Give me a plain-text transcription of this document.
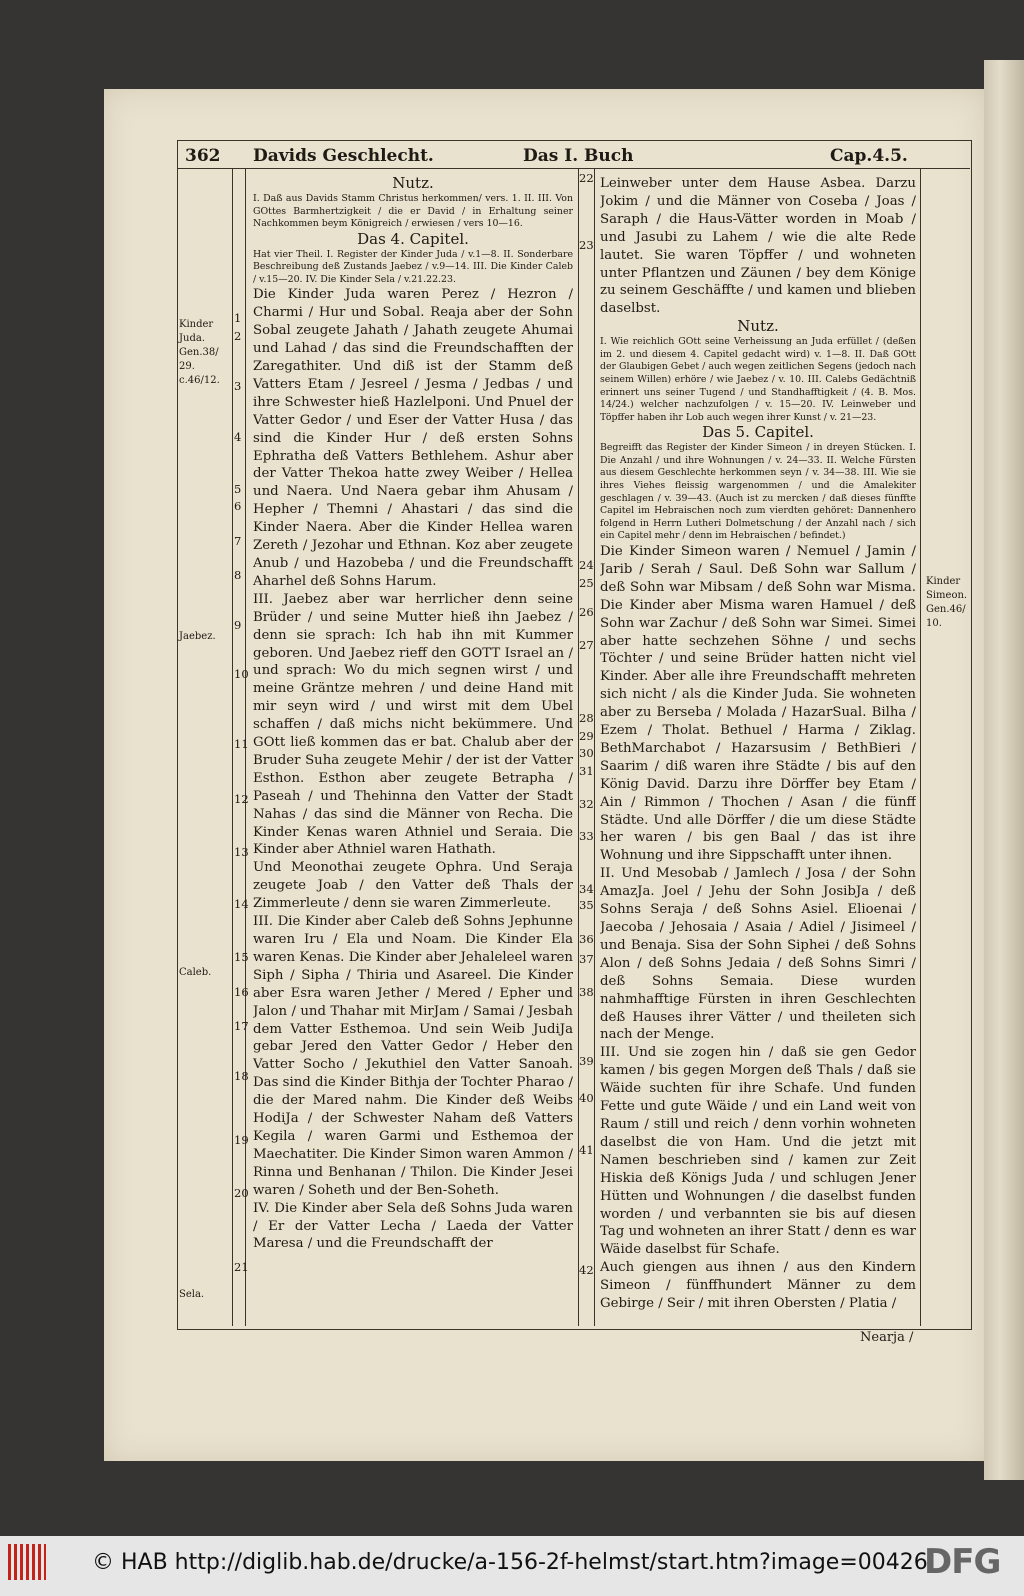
362 Davids Geschlecht.	Das I. Buch	Cap.4.5.
Kinder
Juda.
Gen.38/
29.
c.46/12.
Jaebez.
Caleb.
Sela.
Kinder
Simeon.
Gen.46/
10.
1
2
3
4
5
6
7
8
9
10
11
12
13
14
15
16
17
18
19
20
21
22
23
24
25
26
27
28
29
30
31
32
33
34
35
36
37
38
39
40
41
42

Nutz.

I. Daß aus Davids Stamm Christus herkommen/ vers. 1. II. III. Von GOttes Barmhertzigkeit / die er David / in Erhaltung seiner Nachkommen beym Königreich / erwiesen / vers 10—16.

Das 4. Capitel.

Hat vier Theil. I. Register der Kinder Juda / v.1—8. II. Sonderbare Beschreibung deß Zustands Jaebez / v.9—14. III. Die Kinder Caleb / v.15—20. IV. Die Kinder Sela / v.21.22.23.

Die Kinder Juda waren Perez / Hezron / Charmi / Hur und Sobal. Reaja aber der Sohn Sobal zeugete Jahath / Jahath zeugete Ahumai und Lahad / das sind die Freundschafften der Zaregathiter. Und diß ist der Stamm deß Vatters Etam / Jesreel / Jesma / Jedbas / und ihre Schwester hieß Hazlelponi. Und Pnuel der Vatter Gedor / und Eser der Vatter Husa / das sind die Kinder Hur / deß ersten Sohns Ephratha deß Vatters Bethlehem. Ashur aber der Vatter Thekoa hatte zwey Weiber / Hellea und Naera. Und Naera gebar ihm Ahusam / Hepher / Themni / Ahastari / das sind die Kinder Naera. Aber die Kinder Hellea waren Zereth / Jezohar und Ethnan. Koz aber zeugete Anub / und Hazobeba / und die Freundschafft Aharhel deß Sohns Harum.

III. Jaebez aber war herrlicher denn seine Brüder / und seine Mutter hieß ihn Jaebez / denn sie sprach: Ich hab ihn mit Kummer geboren. Und Jaebez rieff den GOTT Israel an / und sprach: Wo du mich segnen wirst / und meine Gräntze mehren / und deine Hand mit mir seyn wird / und wirst mit dem Ubel schaffen / daß michs nicht bekümmere. Und GOtt ließ kommen das er bat. Chalub aber der Bruder Suha zeugete Mehir / der ist der Vatter Esthon. Esthon aber zeugete Betrapha / Paseah / und Thehinna den Vatter der Stadt Nahas / das sind die Männer von Recha. Die Kinder Kenas waren Athniel und Seraia. Die Kinder aber Athniel waren Hathath.

Und Meonothai zeugete Ophra. Und Seraja zeugete Joab / den Vatter deß Thals der Zimmerleute / denn sie waren Zimmerleute.

III. Die Kinder aber Caleb deß Sohns Jephunne waren Iru / Ela und Noam. Die Kinder Ela waren Kenas. Die Kinder aber Jehaleleel waren Siph / Sipha / Thiria und Asareel. Die Kinder aber Esra waren Jether / Mered / Epher und Jalon / und Thahar mit MirJam / Samai / Jesbah dem Vatter Esthemoa. Und sein Weib JudiJa gebar Jered den Vatter Gedor / Heber den Vatter Socho / Jekuthiel den Vatter Sanoah. Das sind die Kinder Bithja der Tochter Pharao / die der Mared nahm. Die Kinder deß Weibs HodiJa / der Schwester Naham deß Vatters Kegila / waren Garmi und Esthemoa der Maechatiter. Die Kinder Simon waren Ammon / Rinna und Benhanan / Thilon. Die Kinder Jesei waren / Soheth und der Ben-Soheth.

IV. Die Kinder aber Sela deß Sohns Juda waren / Er der Vatter Lecha / Laeda der Vatter Maresa / und die Freundschafft der

Leinweber unter dem Hause Asbea. Darzu Jokim / und die Männer von Coseba / Joas / Saraph / die Haus-Vätter worden in Moab / und Jasubi zu Lahem / wie die alte Rede lautet. Sie waren Töpffer / und wohneten unter Pflantzen und Zäunen / bey dem Könige zu seinem Geschäffte / und kamen und blieben daselbst.

Nutz.

I. Wie reichlich GOtt seine Verheissung an Juda erfüllet / (deßen im 2. und diesem 4. Capitel gedacht wird) v. 1—8. II. Daß GOtt der Glaubigen Gebet / auch wegen zeitlichen Segens (jedoch nach seinem Willen) erhöre / wie Jaebez / v. 10. III. Calebs Gedächtniß erinnert uns seiner Tugend / und Standhafftigkeit / (4. B. Mos. 14/24.) welcher nachzufolgen / v. 15—20. IV. Leinweber und Töpffer haben ihr Lob auch wegen ihrer Kunst / v. 21—23.

Das 5. Capitel.

Begreifft das Register der Kinder Simeon / in dreyen Stücken. I. Die Anzahl / und ihre Wohnungen / v. 24—33. II. Welche Fürsten aus diesem Geschlechte herkommen seyn / v. 34—38. III. Wie sie ihres Viehes fleissig wargenommen / und die Amalekiter geschlagen / v. 39—43. (Auch ist zu mercken / daß dieses fünffte Capitel im Hebraischen noch zum vierdten gehöret: Dannenhero folgend in Herrn Lutheri Dolmetschung / der Anzahl nach / sich ein Capitel mehr / denn im Hebraischen / befindet.)

Die Kinder Simeon waren / Nemuel / Jamin / Jarib / Serah / Saul. Deß Sohn war Sallum / deß Sohn war Mibsam / deß Sohn war Misma. Die Kinder aber Misma waren Hamuel / deß Sohn war Zachur / deß Sohn war Simei. Simei aber hatte sechzehen Söhne / und sechs Töchter / und seine Brüder hatten nicht viel Kinder. Aber alle ihre Freundschafft mehreten sich nicht / als die Kinder Juda. Sie wohneten aber zu Berseba / Molada / HazarSual. Bilha / Ezem / Tholat. Bethuel / Harma / Ziklag. BethMarchabot / Hazarsusim / BethBieri / Saarim / diß waren ihre Städte / bis auf den König David. Darzu ihre Dörffer bey Etam / Ain / Rimmon / Thochen / Asan / die fünff Städte. Und alle Dörffer / die um diese Städte her waren / bis gen Baal / das ist ihre Wohnung und ihre Sippschafft unter ihnen.

II. Und Mesobab / Jamlech / Josa / der Sohn AmazJa. Joel / Jehu der Sohn JosibJa / deß Sohns Seraja / deß Sohns Asiel. Elioenai / Jaecoba / Jehosaia / Asaia / Adiel / Jisimeel / und Benaja. Sisa der Sohn Siphei / deß Sohns Alon / deß Sohns Jedaia / deß Sohns Simri / deß Sohns Semaia. Diese wurden nahmhafftige Fürsten in ihren Geschlechten deß Hauses ihrer Vätter / und theileten sich nach der Menge.

III. Und sie zogen hin / daß sie gen Gedor kamen / bis gegen Morgen deß Thals / daß sie Wäide suchten für ihre Schafe. Und funden Fette und gute Wäide / und ein Land weit von Raum / still und reich / denn vorhin wohneten daselbst die von Ham. Und die jetzt mit Namen beschrieben sind / kamen zur Zeit Hiskia deß Königs Juda / und schlugen Jener Hütten und Wohnungen / die daselbst funden worden / und verbannten sie bis auf diesen Tag und wohneten an ihrer Statt / denn es war Wäide daselbst für Schafe.

Auch giengen aus ihnen / aus den Kindern Simeon / fünffhundert Männer zu dem Gebirge / Seir / mit ihren Obersten / Platia /

Nearja /
© HAB http://diglib.hab.de/drucke/a-156-2f-helmst/start.htm?image=00426
DFG
